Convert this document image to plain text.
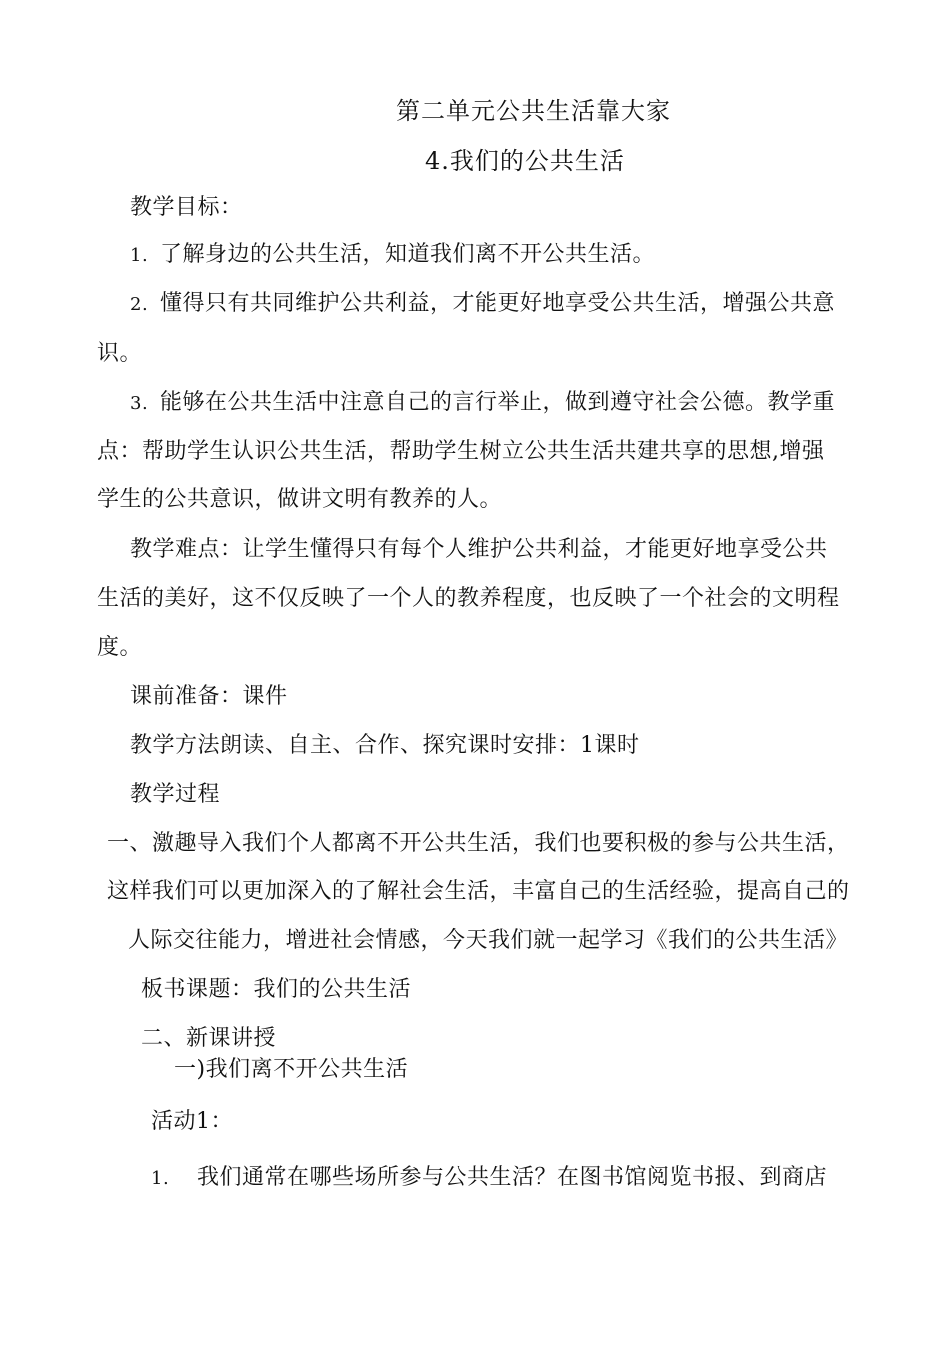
第二单元公共生活靠大家
4.我们的公共生活
教学目标：
1. 了解身边的公共生活，知道我们离不开公共生活。
2. 懂得只有共同维护公共利益，才能更好地享受公共生活，增强公共意
识。
3. 能够在公共生活中注意自己的言行举止，做到遵守社会公德。教学重
点：帮助学生认识公共生活，帮助学生树立公共生活共建共享的思想,增强
学生的公共意识，做讲文明有教养的人。
教学难点：让学生懂得只有每个人维护公共利益，才能更好地享受公共
生活的美好，这不仅反映了一个人的教养程度，也反映了一个社会的文明程
度。
课前准备：课件
教学方法朗读、自主、合作、探究课时安排：1课时
教学过程
一、激趣导入我们个人都离不开公共生活，我们也要积极的参与公共生活，
这样我们可以更加深入的了解社会生活，丰富自己的生活经验，提高自己的
人际交往能力，增进社会情感，今天我们就一起学习《我们的公共生活》
板书课题：我们的公共生活
二、新课讲授
一)我们离不开公共生活
活动1：
1. 我们通常在哪些场所参与公共生活？在图书馆阅览书报、到商店
